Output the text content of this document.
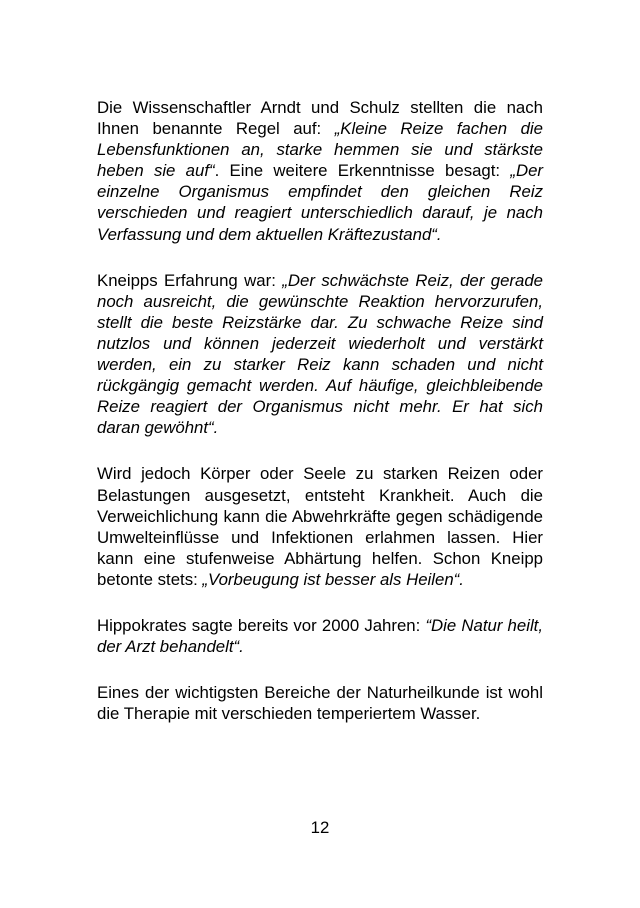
Die Wissenschaftler Arndt und Schulz stellten die nach Ihnen benannte Regel auf: „Kleine Reize fachen die Lebensfunktionen an, starke hemmen sie und stärkste heben sie auf“. Eine weitere Erkenntnisse besagt: „Der einzelne Organismus empfindet den gleichen Reiz verschieden und reagiert unterschiedlich darauf, je nach Verfassung und dem aktuellen Kräftezustand“.

Kneipps Erfahrung war: „Der schwächste Reiz, der gerade noch ausreicht, die gewünschte Reaktion hervorzurufen, stellt die beste Reizstärke dar. Zu schwache Reize sind nutzlos und können jederzeit wiederholt und verstärkt werden, ein zu starker Reiz kann schaden und nicht rückgängig gemacht werden. Auf häufige, gleichbleibende Reize reagiert der Organismus nicht mehr. Er hat sich daran gewöhnt“.

Wird jedoch Körper oder Seele zu starken Reizen oder Belastungen ausgesetzt, entsteht Krankheit. Auch die Verweichlichung kann die Abwehrkräfte gegen schädigende Umwelteinflüsse und Infektionen erlahmen lassen. Hier kann eine stufenweise Abhärtung helfen. Schon Kneipp betonte stets: „Vorbeugung ist besser als Heilen“.

Hippokrates sagte bereits vor 2000 Jahren: “Die Natur heilt, der Arzt behandelt“.

Eines der wichtigsten Bereiche der Naturheilkunde ist wohl die Therapie mit verschieden temperiertem Wasser.

12
